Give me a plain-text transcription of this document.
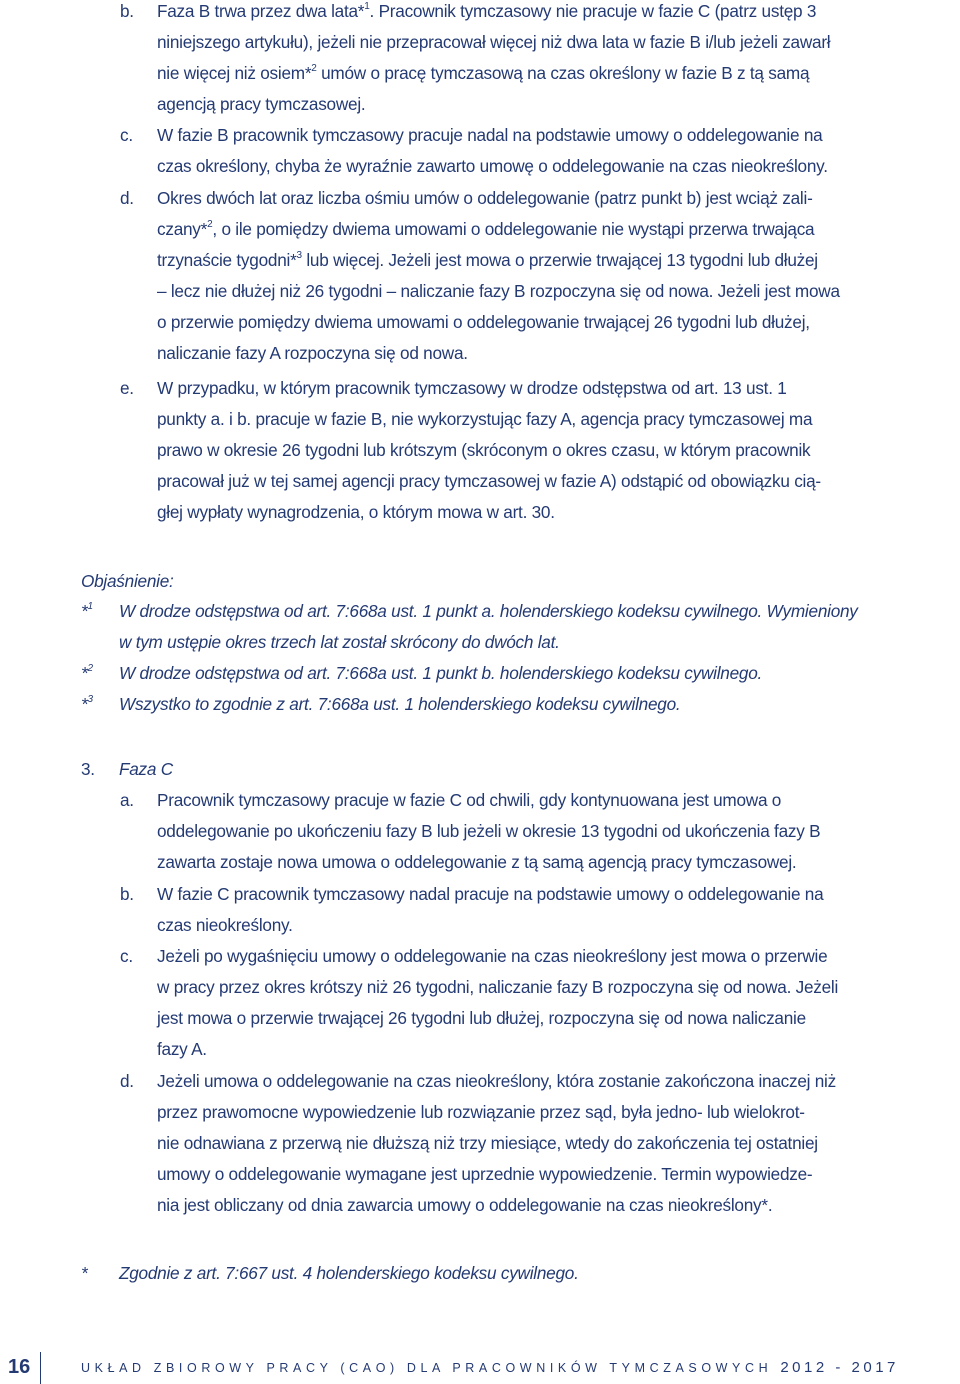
b. Faza B trwa przez dwa lata*$^1$. Pracownik tymczasowy nie pracuje w fazie C (patrz ustęp 3
niniejszego artykułu), jeżeli nie przepracował więcej niż dwa lata w fazie B i/lub jeżeli zawarł
nie więcej niż osiem*$^2$ umów o pracę tymczasową na czas określony w fazie B z tą samą
agencją pracy tymczasowej.
c. W fazie B pracownik tymczasowy pracuje nadal na podstawie umowy o oddelegowanie na
czas określony, chyba że wyraźnie zawarto umowę o oddelegowanie na czas nieokreślony.
d. Okres dwóch lat oraz liczba ośmiu umów o oddelegowanie (patrz punkt b) jest wciąż zali-
czany*$^2$, o ile pomiędzy dwiema umowami o oddelegowanie nie wystąpi przerwa trwająca
trzynaście tygodni*$^3$ lub więcej. Jeżeli jest mowa o przerwie trwającej 13 tygodni lub dłużej
– lecz nie dłużej niż 26 tygodni – naliczanie fazy B rozpoczyna się od nowa. Jeżeli jest mowa
o przerwie pomiędzy dwiema umowami o oddelegowanie trwającej 26 tygodni lub dłużej,
naliczanie fazy A rozpoczyna się od nowa.
e. W przypadku, w którym pracownik tymczasowy w drodze odstępstwa od art. 13 ust. 1
punkty a. i b. pracuje w fazie B, nie wykorzystując fazy A, agencja pracy tymczasowej ma
prawo w okresie 26 tygodni lub krótszym (skróconym o okres czasu, w którym pracownik
pracował już w tej samej agencji pracy tymczasowej w fazie A) odstąpić od obowiązku cią-
głej wypłaty wynagrodzenia, o którym mowa w art. 30.
Objaśnienie:
*$^1$ W drodze odstępstwa od art. 7:668a ust. 1 punkt a. holenderskiego kodeksu cywilnego. Wymieniony
w tym ustępie okres trzech lat został skrócony do dwóch lat.
*$^2$ W drodze odstępstwa od art. 7:668a ust. 1 punkt b. holenderskiego kodeksu cywilnego.
*$^3$ Wszystko to zgodnie z art. 7:668a ust. 1 holenderskiego kodeksu cywilnego.
3. Faza C
a. Pracownik tymczasowy pracuje w fazie C od chwili, gdy kontynuowana jest umowa o
oddelegowanie po ukończeniu fazy B lub jeżeli w okresie 13 tygodni od ukończenia fazy B
zawarta zostaje nowa umowa o oddelegowanie z tą samą agencją pracy tymczasowej.
b. W fazie C pracownik tymczasowy nadal pracuje na podstawie umowy o oddelegowanie na
czas nieokreślony.
c. Jeżeli po wygaśnięciu umowy o oddelegowanie na czas nieokreślony jest mowa o przerwie
w pracy przez okres krótszy niż 26 tygodni, naliczanie fazy B rozpoczyna się od nowa. Jeżeli
jest mowa o przerwie trwającej 26 tygodni lub dłużej, rozpoczyna się od nowa naliczanie
fazy A.
d. Jeżeli umowa o oddelegowanie na czas nieokreślony, która zostanie zakończona inaczej niż
przez prawomocne wypowiedzenie lub rozwiązanie przez sąd, była jedno- lub wielokrot-
nie odnawiana z przerwą nie dłuższą niż trzy miesiące, wtedy do zakończenia tej ostatniej
umowy o oddelegowanie wymagane jest uprzednie wypowiedzenie. Termin wypowiedze-
nia jest obliczany od dnia zawarcia umowy o oddelegowanie na czas nieokreślony*.
* Zgodnie z art. 7:667 ust. 4 holenderskiego kodeksu cywilnego.
16	UKŁAD ZBIOROWY PRACY (CAO) DLA PRACOWNIKÓW TYMCZASOWYCH 2012 - 2017
